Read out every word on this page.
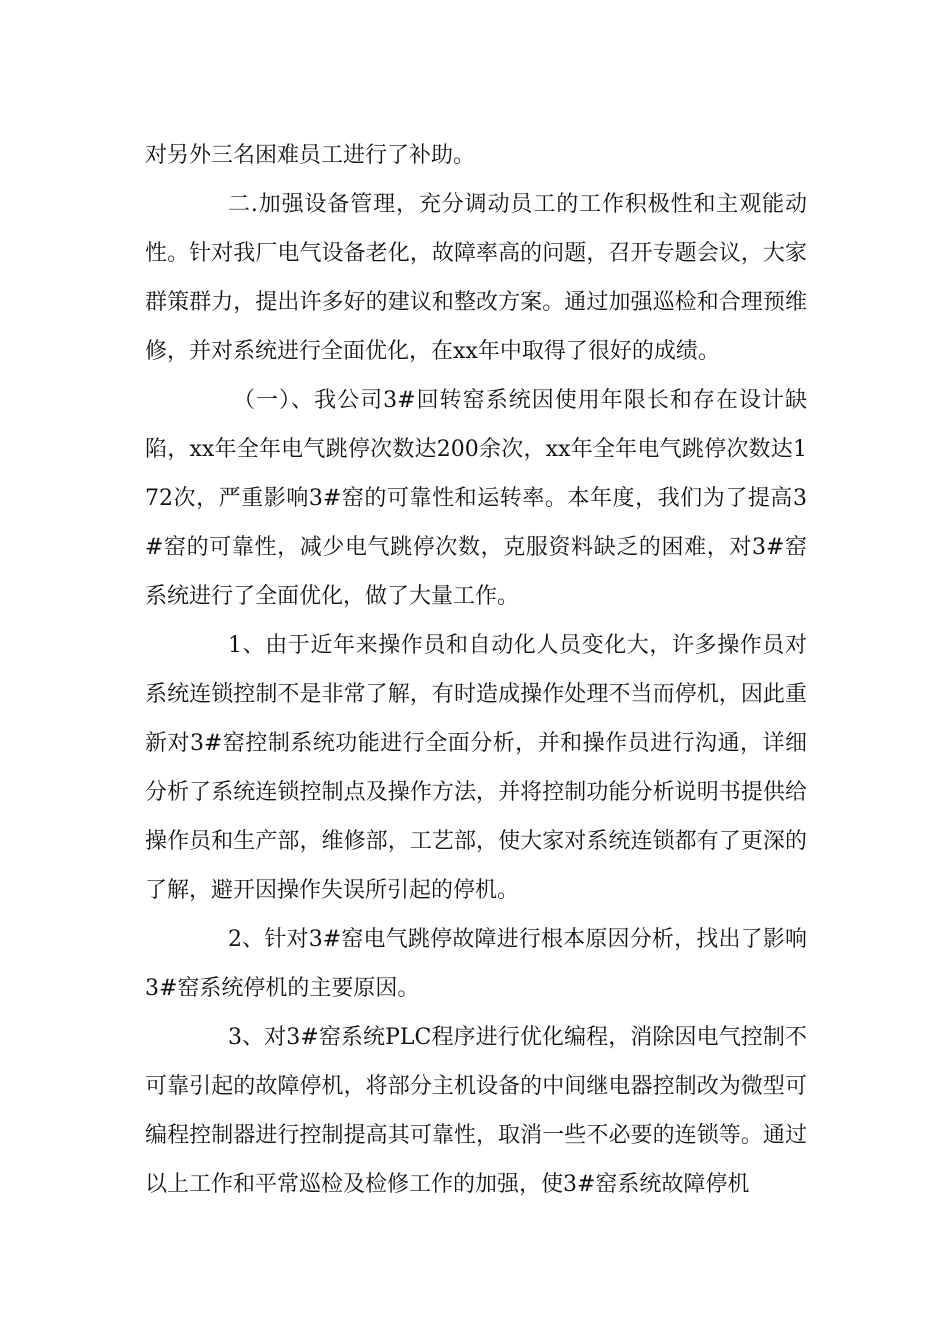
对另外三名困难员工进行了补助。

二.加强设备管理，充分调动员工的工作积极性和主观能动性。针对我厂电气设备老化，故障率高的问题，召开专题会议，大家群策群力，提出许多好的建议和整改方案。通过加强巡检和合理预维修，并对系统进行全面优化，在xx年中取得了很好的成绩。

（一）、我公司3#回转窑系统因使用年限长和存在设计缺陷，xx年全年电气跳停次数达200余次，xx年全年电气跳停次数达172次，严重影响3#窑的可靠性和运转率。本年度，我们为了提高3#窑的可靠性，减少电气跳停次数，克服资料缺乏的困难，对3#窑系统进行了全面优化，做了大量工作。

1、由于近年来操作员和自动化人员变化大，许多操作员对系统连锁控制不是非常了解，有时造成操作处理不当而停机，因此重新对3#窑控制系统功能进行全面分析，并和操作员进行沟通，详细分析了系统连锁控制点及操作方法，并将控制功能分析说明书提供给操作员和生产部，维修部，工艺部，使大家对系统连锁都有了更深的了解，避开因操作失误所引起的停机。

2、针对3#窑电气跳停故障进行根本原因分析，找出了影响3#窑系统停机的主要原因。

3、对3#窑系统PLC程序进行优化编程，消除因电气控制不可靠引起的故障停机，将部分主机设备的中间继电器控制改为微型可编程控制器进行控制提高其可靠性，取消一些不必要的连锁等。通过以上工作和平常巡检及检修工作的加强，使3#窑系统故障停机
